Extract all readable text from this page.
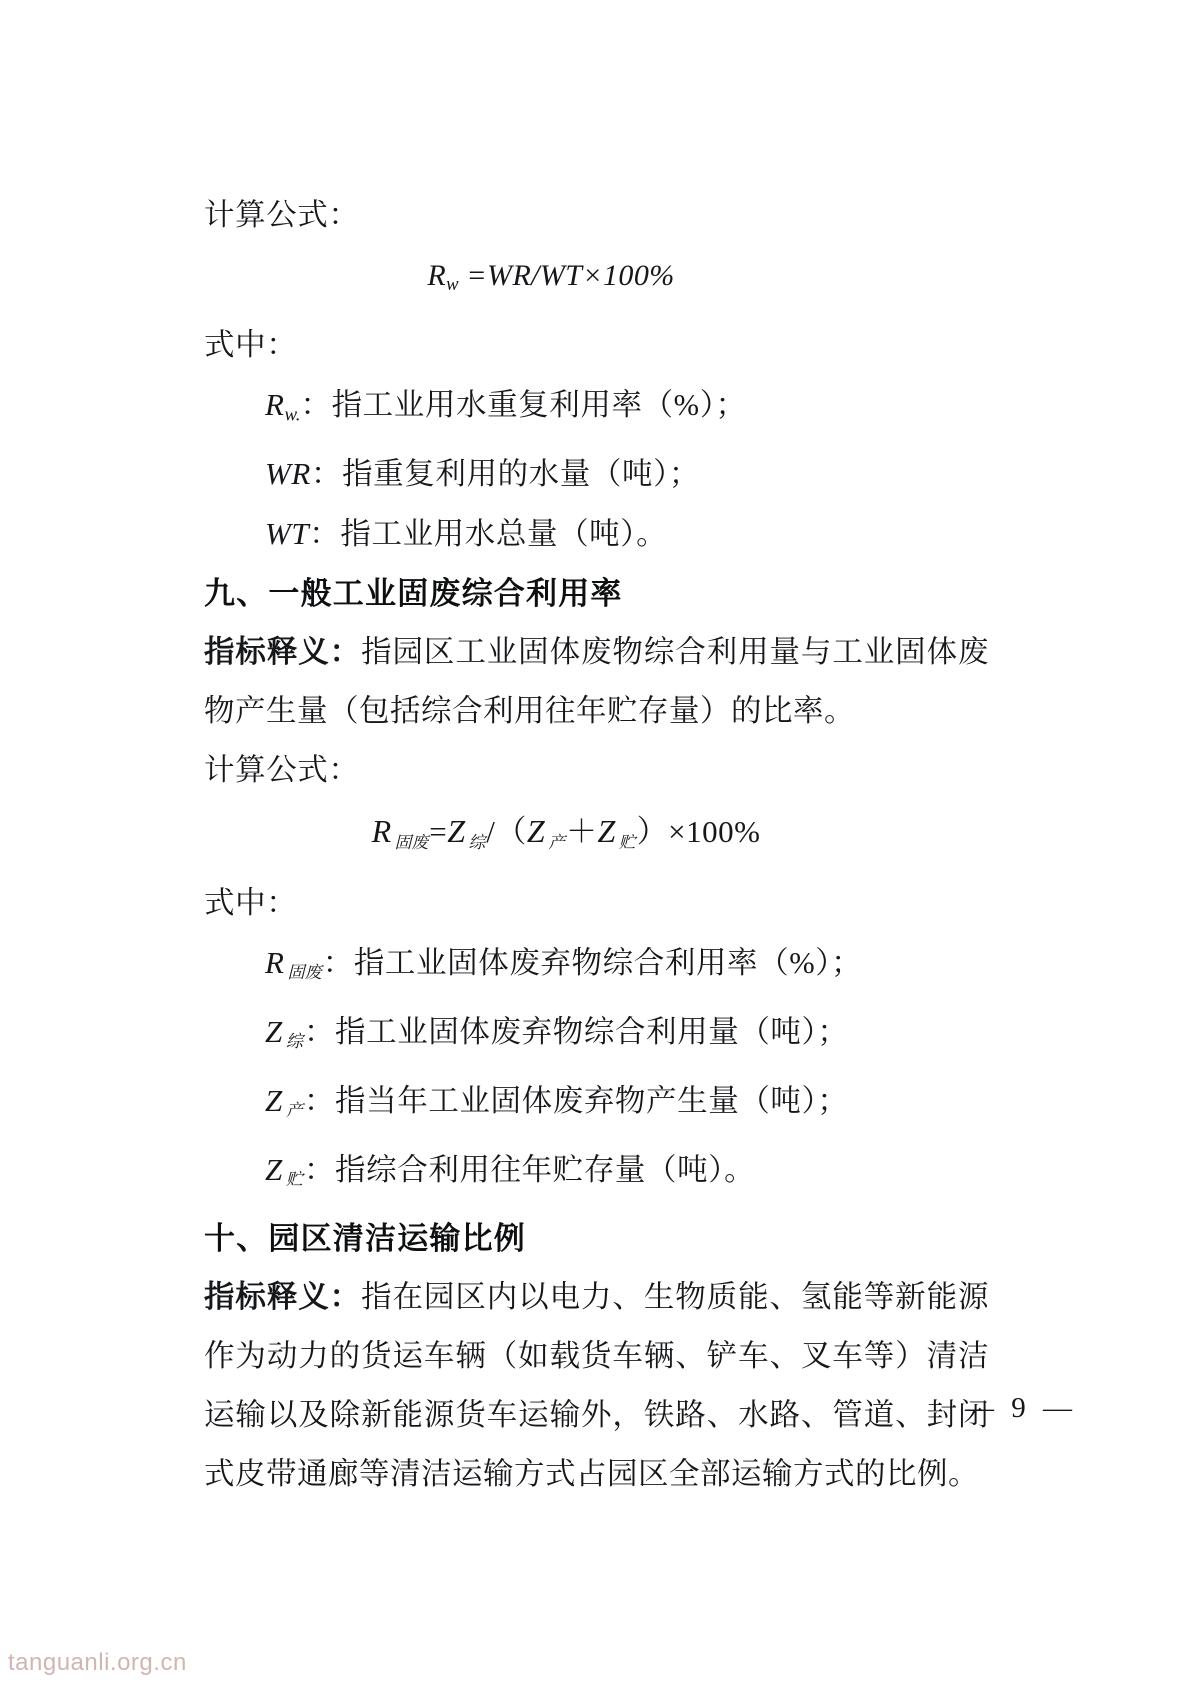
计算公式：
$R_w =WR/WT\times 100\%$
式中：
$R_{w.}$：指工业用水重复利用率（%）；
WR：指重复利用的水量（吨）；
WT：指工业用水总量（吨）。
九、一般工业固废综合利用率
指标释义：指园区工业固体废物综合利用量与工业固体废物产生量（包括综合利用往年贮存量）的比率。
计算公式：
R $_{固废}$=Z $_综$/（Z $_产$＋Z $_贮$）×100%
式中：
R $_{固废}$：指工业固体废弃物综合利用率（%）；
Z $_综$：指工业固体废弃物综合利用量（吨）；
Z $_产$：指当年工业固体废弃物产生量（吨）；
Z $_贮$：指综合利用往年贮存量（吨）。
十、园区清洁运输比例
指标释义：指在园区内以电力、生物质能、氢能等新能源作为动力的货运车辆（如载货车辆、铲车、叉车等）清洁运输以及除新能源货车运输外，铁路、水路、管道、封闭式皮带通廊等清洁运输方式占园区全部运输方式的比例。
— 9 —
tanguanli.org.cn
